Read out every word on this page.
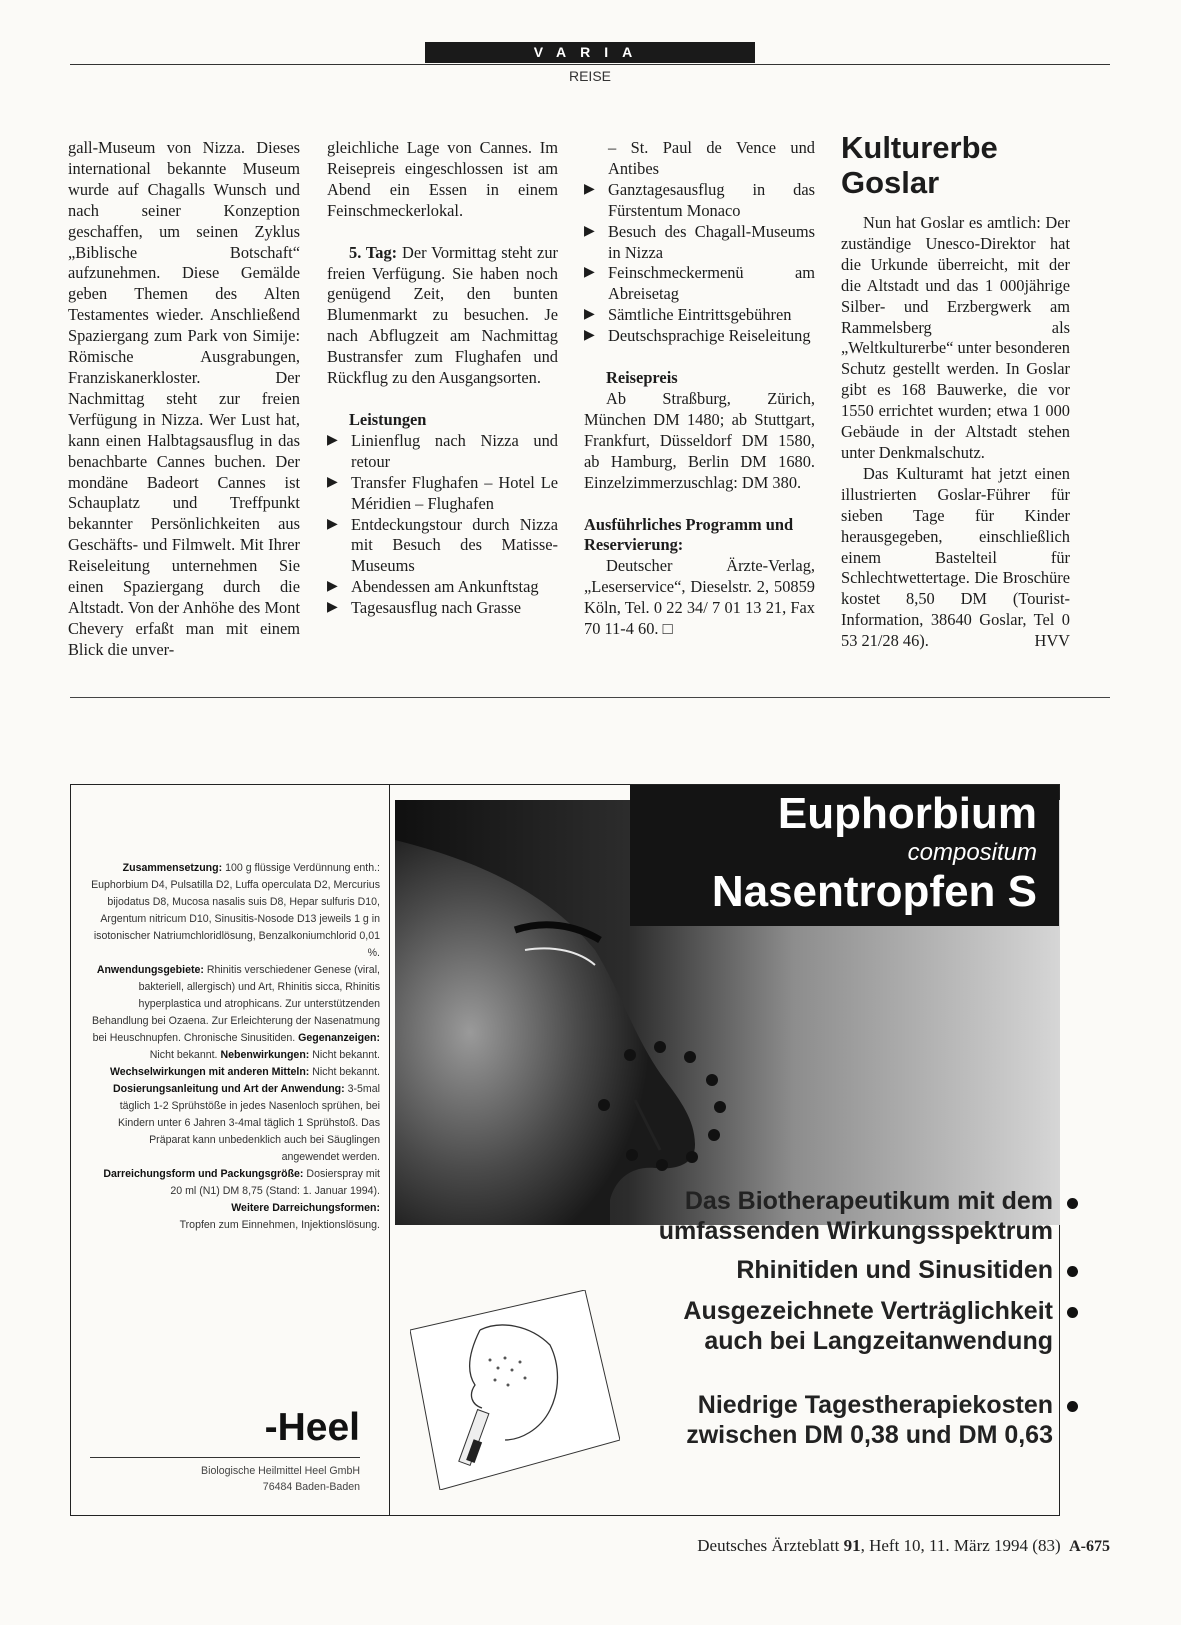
VARIA
REISE

gall-Museum von Nizza. Dieses international bekannte Museum wurde auf Chagalls Wunsch und nach seiner Konzeption geschaffen, um seinen Zyklus „Biblische Botschaft“ aufzunehmen. Diese Gemälde geben Themen des Alten Testamentes wieder. Anschließend Spaziergang zum Park von Simije: Römische Ausgrabungen, Franziskanerkloster. Der Nachmittag steht zur freien Verfügung in Nizza. Wer Lust hat, kann einen Halbtagsausflug in das benachbarte Cannes buchen. Der mondäne Badeort Cannes ist Schauplatz und Treffpunkt bekannter Persönlichkeiten aus Geschäfts- und Filmwelt. Mit Ihrer Reiseleitung unternehmen Sie einen Spaziergang durch die Altstadt. Von der Anhöhe des Mont Chevery erfaßt man mit einem Blick die unver-

gleichliche Lage von Cannes. Im Reisepreis eingeschlossen ist am Abend ein Essen in einem Feinschmeckerlokal.

5. Tag: Der Vormittag steht zur freien Verfügung. Sie haben noch genügend Zeit, den bunten Blumenmarkt zu besuchen. Je nach Abflugzeit am Nachmittag Bustransfer zum Flughafen und Rückflug zu den Ausgangsorten.

Leistungen

▶ Linienflug nach Nizza und retour
▶ Transfer Flughafen – Hotel Le Méridien – Flughafen
▶ Entdeckungstour durch Nizza mit Besuch des Matisse-Museums
▶ Abendessen am Ankunftstag
▶ Tagesausflug nach Grasse

– St. Paul de Vence und Antibes

▶ Ganztagesausflug in das Fürstentum Monaco
▶ Besuch des Chagall-Museums in Nizza
▶ Feinschmeckermenü am Abreisetag
▶ Sämtliche Eintrittsgebühren
▶ Deutschsprachige Reiseleitung

Reisepreis

Ab Straßburg, Zürich, München DM 1480; ab Stuttgart, Frankfurt, Düsseldorf DM 1580, ab Hamburg, Berlin DM 1680. Einzelzimmerzuschlag: DM 380.

Ausführliches Programm und Reservierung:

Deutscher Ärzte-Verlag, „Leserservice“, Dieselstr. 2, 50859 Köln, Tel. 0 22 34/ 7 01 13 21, Fax 70 11-4 60. □

Kulturerbe Goslar

Nun hat Goslar es amtlich: Der zuständige Unesco-Direktor hat die Urkunde überreicht, mit der die Altstadt und das 1 000jährige Silber- und Erzbergwerk am Rammelsberg als „Weltkulturerbe“ unter besonderen Schutz gestellt werden. In Goslar gibt es 168 Bauwerke, die vor 1550 errichtet wurden; etwa 1 000 Gebäude in der Altstadt stehen unter Denkmalschutz.

Das Kulturamt hat jetzt einen illustrierten Goslar-Führer für sieben Tage für Kinder herausgegeben, einschließlich einem Bastelteil für Schlechtwettertage. Die Broschüre kostet 8,50 DM (Tourist-Information, 38640 Goslar, Tel 0 53 21/28 46).	HVV

Zusammensetzung: 100 g flüssige Verdünnung enth.: Euphorbium D4, Pulsatilla D2, Luffa operculata D2, Mercurius bijodatus D8, Mucosa nasalis suis D8, Hepar sulfuris D10, Argentum nitricum D10, Sinusitis-Nosode D13 jeweils 1 g in isotonischer Natriumchloridlösung, Benzalkoniumchlorid 0,01 %.
Anwendungsgebiete: Rhinitis verschiedener Genese (viral, bakteriell, allergisch) und Art, Rhinitis sicca, Rhinitis hyperplastica und atrophicans. Zur unterstützenden Behandlung bei Ozaena. Zur Erleichterung der Nasenatmung bei Heuschnupfen. Chronische Sinusitiden. Gegenanzeigen: Nicht bekannt. Nebenwirkungen: Nicht bekannt. Wechselwirkungen mit anderen Mitteln: Nicht bekannt.
Dosierungsanleitung und Art der Anwendung: 3-5mal täglich 1-2 Sprühstöße in jedes Nasenloch sprühen, bei Kindern unter 6 Jahren 3-4mal täglich 1 Sprühstoß. Das Präparat kann unbedenklich auch bei Säuglingen angewendet werden.
Darreichungsform und Packungsgröße: Dosierspray mit 20 ml (N1) DM 8,75 (Stand: 1. Januar 1994).
Weitere Darreichungsformen:
Tropfen zum Einnehmen, Injektionslösung.
-Heel
Biologische Heilmittel Heel GmbH
76484 Baden-Baden
Euphorbium
compositum
Nasentropfen S
Das Biotherapeutikum mit dem
umfassenden Wirkungsspektrum
Rhinitiden und Sinusitiden
Ausgezeichnete Verträglichkeit
auch bei Langzeitanwendung
Niedrige Tagestherapiekosten
zwischen DM 0,38 und DM 0,63
Deutsches Ärzteblatt 91, Heft 10, 11. März 1994 (83) A-675
